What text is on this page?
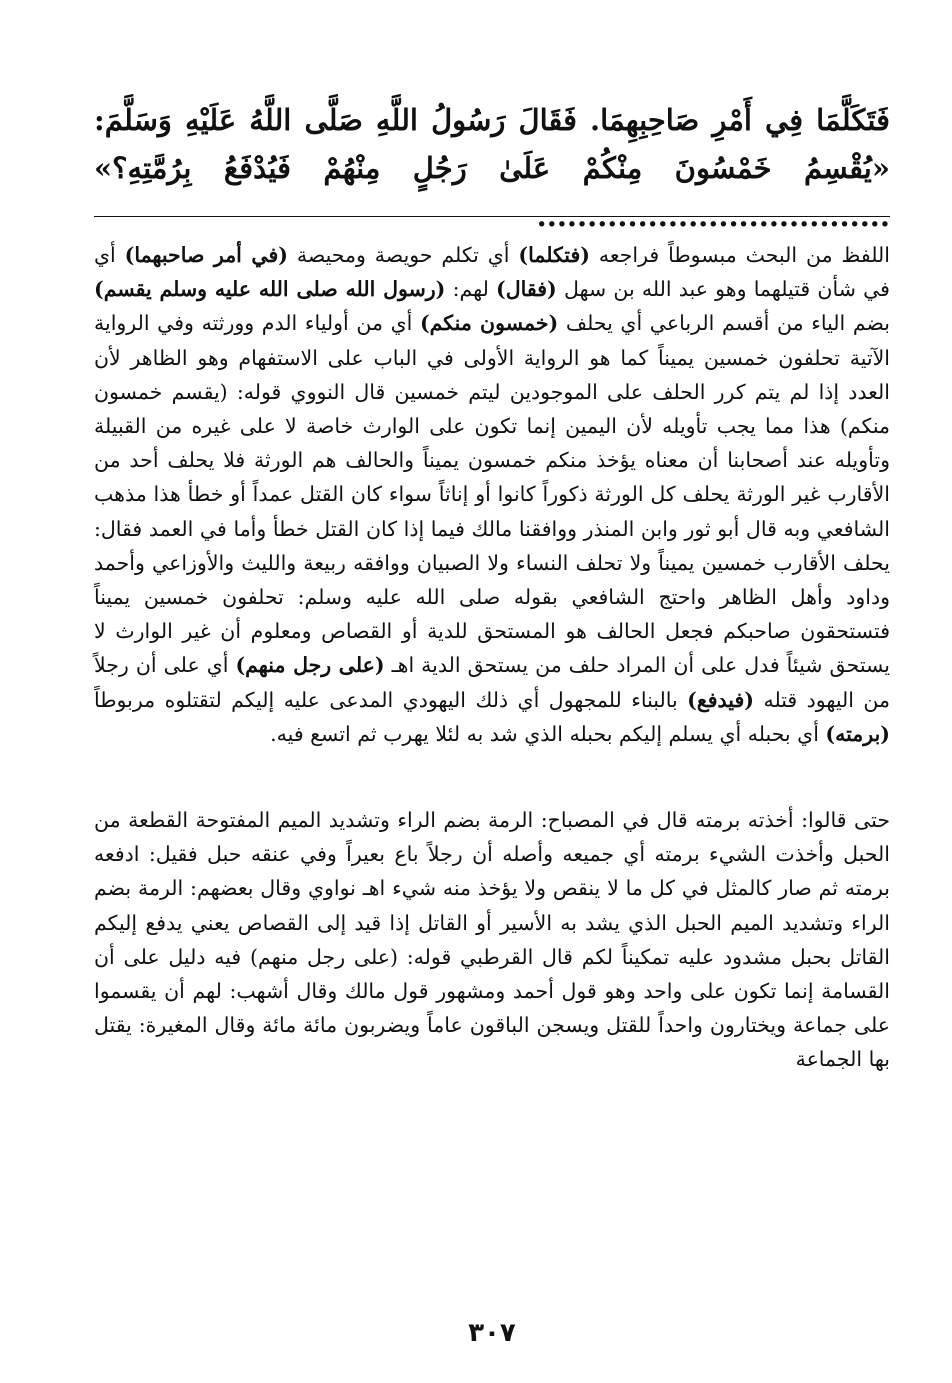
فَتَكَلَّمَا فِي أَمْرِ صَاحِبِهِمَا. فَقَالَ رَسُولُ اللَّهِ صَلَّى اللَّهُ عَلَيْهِ وَسَلَّمَ: «يُقْسِمُ خَمْسُونَ مِنْكُمْ عَلَىٰ رَجُلٍ مِنْهُمْ فَيُدْفَعُ بِرُمَّتِهِ؟» ...................................

اللفظ من البحث مبسوطاً فراجعه (فتكلما) أي تكلم حويصة ومحيصة (في أمر صاحبهما) أي في شأن قتيلهما وهو عبد الله بن سهل (فقال) لهم: (رسول الله صلى الله عليه وسلم يقسم) بضم الياء من أقسم الرباعي أي يحلف (خمسون منكم) أي من أولياء الدم وورثته وفي الرواية الآتية تحلفون خمسين يميناً كما هو الرواية الأولى في الباب على الاستفهام وهو الظاهر لأن العدد إذا لم يتم كرر الحلف على الموجودين ليتم خمسين قال النووي قوله: (يقسم خمسون منكم) هذا مما يجب تأويله لأن اليمين إنما تكون على الوارث خاصة لا على غيره من القبيلة وتأويله عند أصحابنا أن معناه يؤخذ منكم خمسون يميناً والحالف هم الورثة فلا يحلف أحد من الأقارب غير الورثة يحلف كل الورثة ذكوراً كانوا أو إناثاً سواء كان القتل عمداً أو خطأ هذا مذهب الشافعي وبه قال أبو ثور وابن المنذر ووافقنا مالك فيما إذا كان القتل خطأ وأما في العمد فقال: يحلف الأقارب خمسين يميناً ولا تحلف النساء ولا الصبيان ووافقه ربيعة والليث والأوزاعي وأحمد وداود وأهل الظاهر واحتج الشافعي بقوله صلى الله عليه وسلم: تحلفون خمسين يميناً فتستحقون صاحبكم فجعل الحالف هو المستحق للدية أو القصاص ومعلوم أن غير الوارث لا يستحق شيئاً فدل على أن المراد حلف من يستحق الدية اهـ (على رجل منهم) أي على أن رجلاً من اليهود قتله (فيدفع) بالبناء للمجهول أي ذلك اليهودي المدعى عليه إليكم لتقتلوه مربوطاً (برمته) أي بحبله أي يسلم إليكم بحبله الذي شد به لئلا يهرب ثم اتسع فيه.

حتى قالوا: أخذته برمته قال في المصباح: الرمة بضم الراء وتشديد الميم المفتوحة القطعة من الحبل وأخذت الشيء برمته أي جميعه وأصله أن رجلاً باع بعيراً وفي عنقه حبل فقيل: ادفعه برمته ثم صار كالمثل في كل ما لا ينقص ولا يؤخذ منه شيء اهـ نواوي وقال بعضهم: الرمة بضم الراء وتشديد الميم الحبل الذي يشد به الأسير أو القاتل إذا قيد إلى القصاص يعني يدفع إليكم القاتل بحبل مشدود عليه تمكيناً لكم قال القرطبي قوله: (على رجل منهم) فيه دليل على أن القسامة إنما تكون على واحد وهو قول أحمد ومشهور قول مالك وقال أشهب: لهم أن يقسموا على جماعة ويختارون واحداً للقتل ويسجن الباقون عاماً ويضربون مائة مائة وقال المغيرة: يقتل بها الجماعة

٣٠٧
